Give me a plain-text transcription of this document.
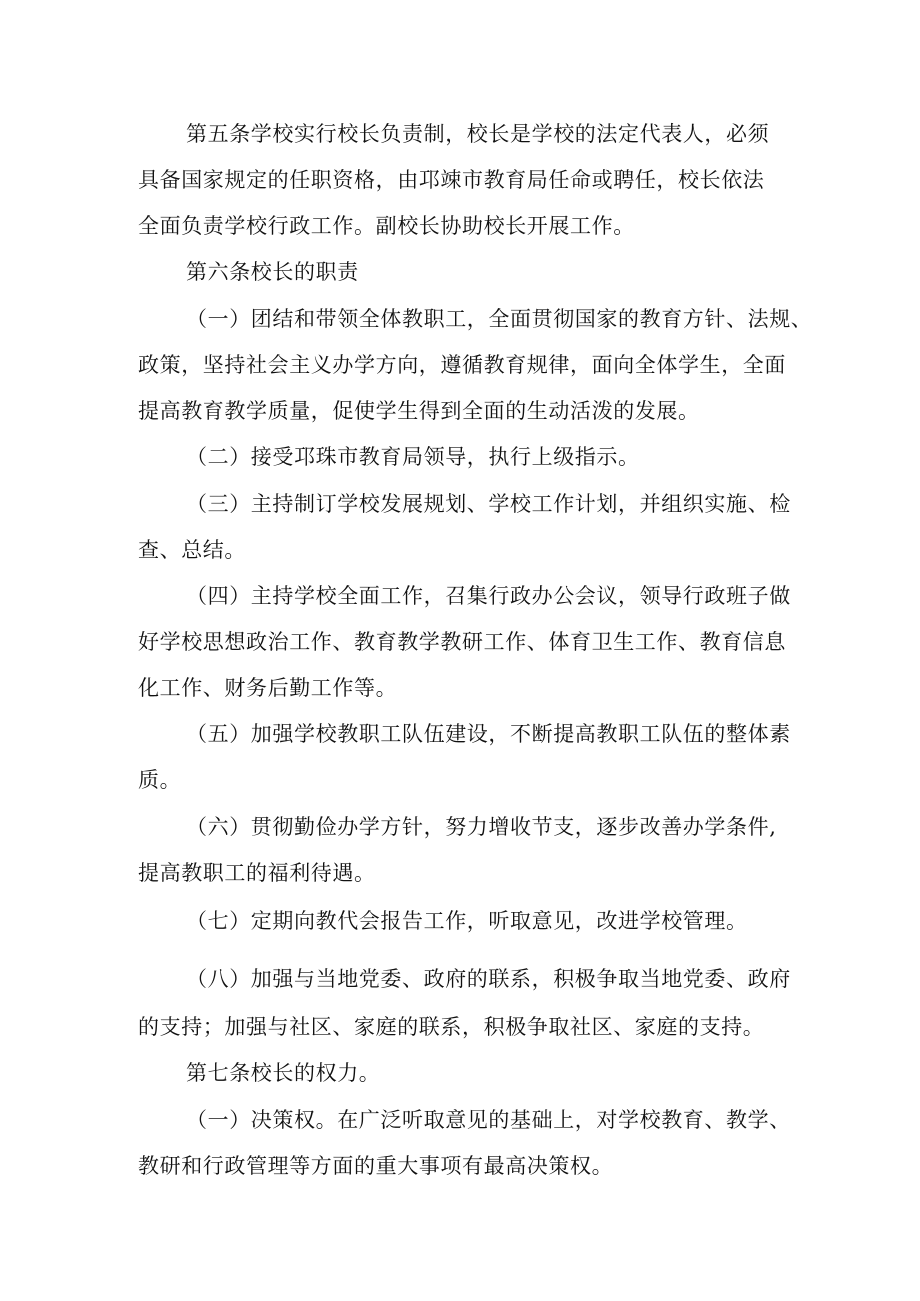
第五条学校实行校长负责制，校长是学校的法定代表人，必须
具备国家规定的任职资格，由邛竦市教育局任命或聘任，校长依法
全面负责学校行政工作。副校长协助校长开展工作。
第六条校长的职责
（一）团结和带领全体教职工，全面贯彻国家的教育方针、法规、
政策，坚持社会主义办学方向，遵循教育规律，面向全体学生，全面
提高教育教学质量，促使学生得到全面的生动活泼的发展。
（二）接受邛珠市教育局领导，执行上级指示。
（三）主持制订学校发展规划、学校工作计划，并组织实施、检
查、总结。
（四）主持学校全面工作，召集行政办公会议，领导行政班子做
好学校思想政治工作、教育教学教研工作、体育卫生工作、教育信息
化工作、财务后勤工作等。
（五）加强学校教职工队伍建设，不断提高教职工队伍的整体素
质。
（六）贯彻勤俭办学方针，努力增收节支，逐步改善办学条件,
提高教职工的福利待遇。
（七）定期向教代会报告工作，听取意见，改进学校管理。
（八）加强与当地党委、政府的联系，积极争取当地党委、政府
的支持；加强与社区、家庭的联系，积极争取社区、家庭的支持。
第七条校长的权力。
（一）决策权。在广泛听取意见的基础上，对学校教育、教学、
教研和行政管理等方面的重大事项有最高决策权。
